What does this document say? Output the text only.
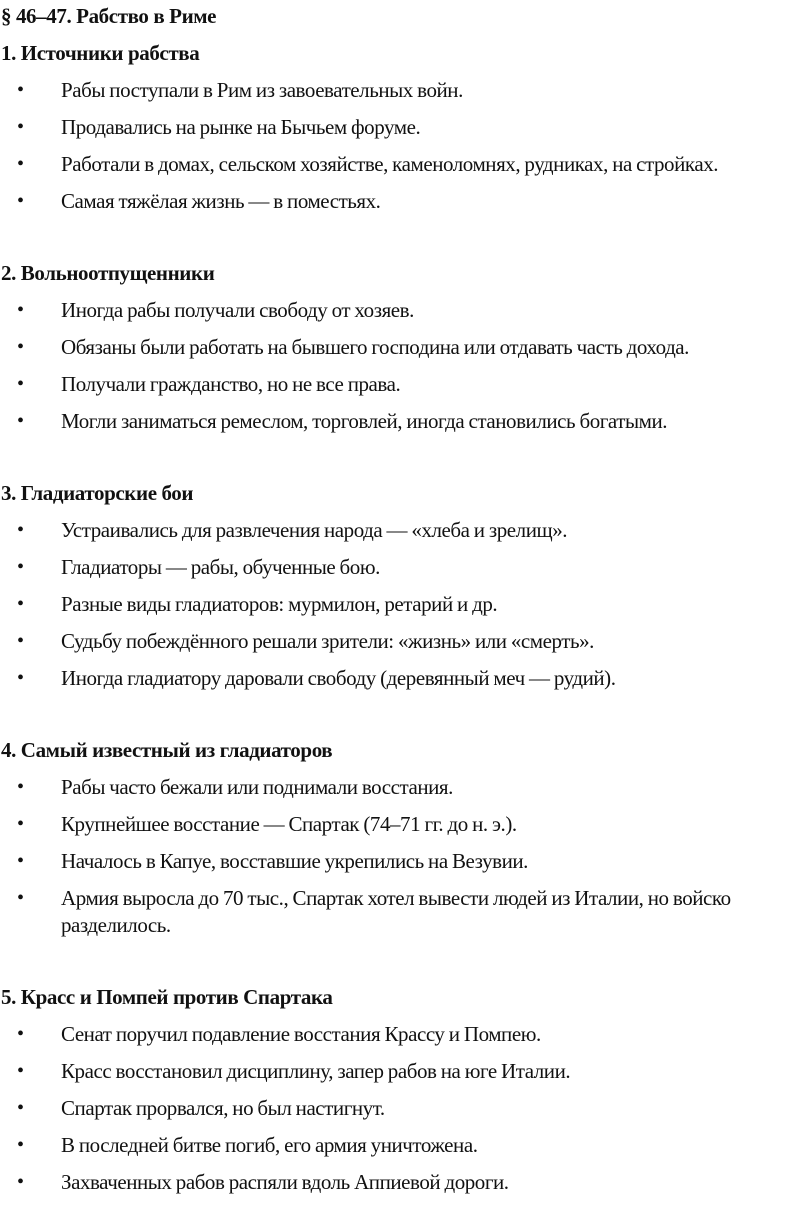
§ 46–47. Рабство в Риме
1. Источники рабства
• Рабы поступали в Рим из завоевательных войн.
• Продавались на рынке на Бычьем форуме.
• Работали в домах, сельском хозяйстве, каменоломнях, рудниках, на стройках.
• Самая тяжёлая жизнь — в поместьях.
2. Вольноотпущенники
• Иногда рабы получали свободу от хозяев.
• Обязаны были работать на бывшего господина или отдавать часть дохода.
• Получали гражданство, но не все права.
• Могли заниматься ремеслом, торговлей, иногда становились богатыми.
3. Гладиаторские бои
• Устраивались для развлечения народа — «хлеба и зрелищ».
• Гладиаторы — рабы, обученные бою.
• Разные виды гладиаторов: мурмилон, ретарий и др.
• Судьбу побеждённого решали зрители: «жизнь» или «смерть».
• Иногда гладиатору даровали свободу (деревянный меч — рудий).
4. Самый известный из гладиаторов
• Рабы часто бежали или поднимали восстания.
• Крупнейшее восстание — Спартак (74–71 гг. до н. э.).
• Началось в Капуе, восставшие укрепились на Везувии.
• Армия выросла до 70 тыс., Спартак хотел вывести людей из Италии, но войско разделилось.
5. Красс и Помпей против Спартака
• Сенат поручил подавление восстания Крассу и Помпею.
• Красс восстановил дисциплину, запер рабов на юге Италии.
• Спартак прорвался, но был настигнут.
• В последней битве погиб, его армия уничтожена.
• Захваченных рабов распяли вдоль Аппиевой дороги.
